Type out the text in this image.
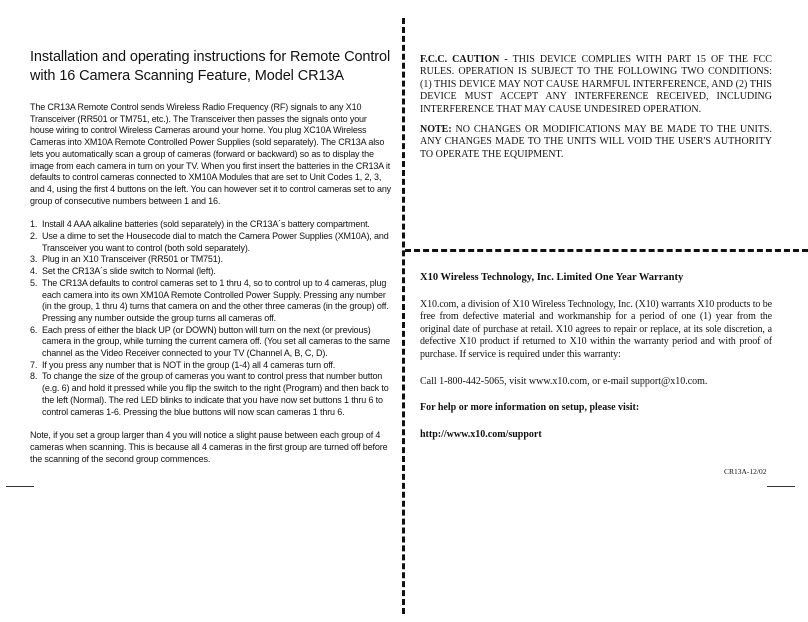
Installation and operating instructions for Remote Control with 16 Camera Scanning Feature, Model CR13A

The CR13A Remote Control sends Wireless Radio Frequency (RF) signals to any X10 Transceiver (RR501 or TM751, etc.). The Transceiver then passes the signals onto your house wiring to control Wireless Cameras around your home. You plug XC10A Wireless Cameras into XM10A Remote Controlled Power Supplies (sold separately). The CR13A also lets you automatically scan a group of cameras (forward or backward) so as to display the image from each camera in turn on your TV. When you first insert the batteries in the CR13A it defaults to control cameras connected to XM10A Modules that are set to Unit Codes 1, 2, 3, and 4, using the first 4 buttons on the left. You can however set it to control cameras set to any group of consecutive numbers between 1 and 16.

1. Install 4 AAA alkaline batteries (sold separately) in the CR13A´s battery compartment.
2. Use a dime to set the Housecode dial to match the Camera Power Supplies (XM10A), and Transceiver you want to control (both sold separately).
3. Plug in an X10 Transceiver (RR501 or TM751).
4. Set the CR13A´s slide switch to Normal (left).
5. The CR13A defaults to control cameras set to 1 thru 4, so to control up to 4 cameras, plug each camera into its own XM10A Remote Controlled Power Supply. Pressing any number (in the group, 1 thru 4) turns that camera on and the other three cameras (in the group) off. Pressing any number outside the group turns all cameras off.
6. Each press of either the black UP (or DOWN) button will turn on the next (or previous) camera in the group, while turning the current camera off. (You set all cameras to the same channel as the Video Receiver connected to your TV (Channel A, B, C, D).
7. If you press any number that is NOT in the group (1-4) all 4 cameras turn off.
8. To change the size of the group of cameras you want to control press that number button (e.g. 6) and hold it pressed while you flip the switch to the right (Program) and then back to the left (Normal). The red LED blinks to indicate that you have now set buttons 1 thru 6 to control cameras 1-6. Pressing the blue buttons will now scan cameras 1 thru 6.

Note, if you set a group larger than 4 you will notice a slight pause between each group of 4 cameras when scanning. This is because all 4 cameras in the first group are turned off before the scanning of the second group commences.

F.C.C. CAUTION - THIS DEVICE COMPLIES WITH PART 15 OF THE FCC RULES. OPERATION IS SUBJECT TO THE FOLLOWING TWO CONDITIONS: (1) THIS DEVICE MAY NOT CAUSE HARMFUL INTERFERENCE, AND (2) THIS DEVICE MUST ACCEPT ANY INTERFERENCE RECEIVED, INCLUDING INTERFERENCE THAT MAY CAUSE UNDESIRED OPERATION.

NOTE: NO CHANGES OR MODIFICATIONS MAY BE MADE TO THE UNITS. ANY CHANGES MADE TO THE UNITS WILL VOID THE USER'S AUTHORITY TO OPERATE THE EQUIPMENT.

X10 Wireless Technology, Inc. Limited One Year Warranty

X10.com, a division of X10 Wireless Technology, Inc. (X10) warrants X10 products to be free from defective material and workmanship for a period of one (1) year from the original date of purchase at retail. X10 agrees to repair or replace, at its sole discretion, a defective X10 product if returned to X10 within the warranty period and with proof of purchase. If service is required under this warranty:

Call 1-800-442-5065, visit www.x10.com, or e-mail support@x10.com.

For help or more information on setup, please visit:

http://www.x10.com/support

CR13A-12/02
